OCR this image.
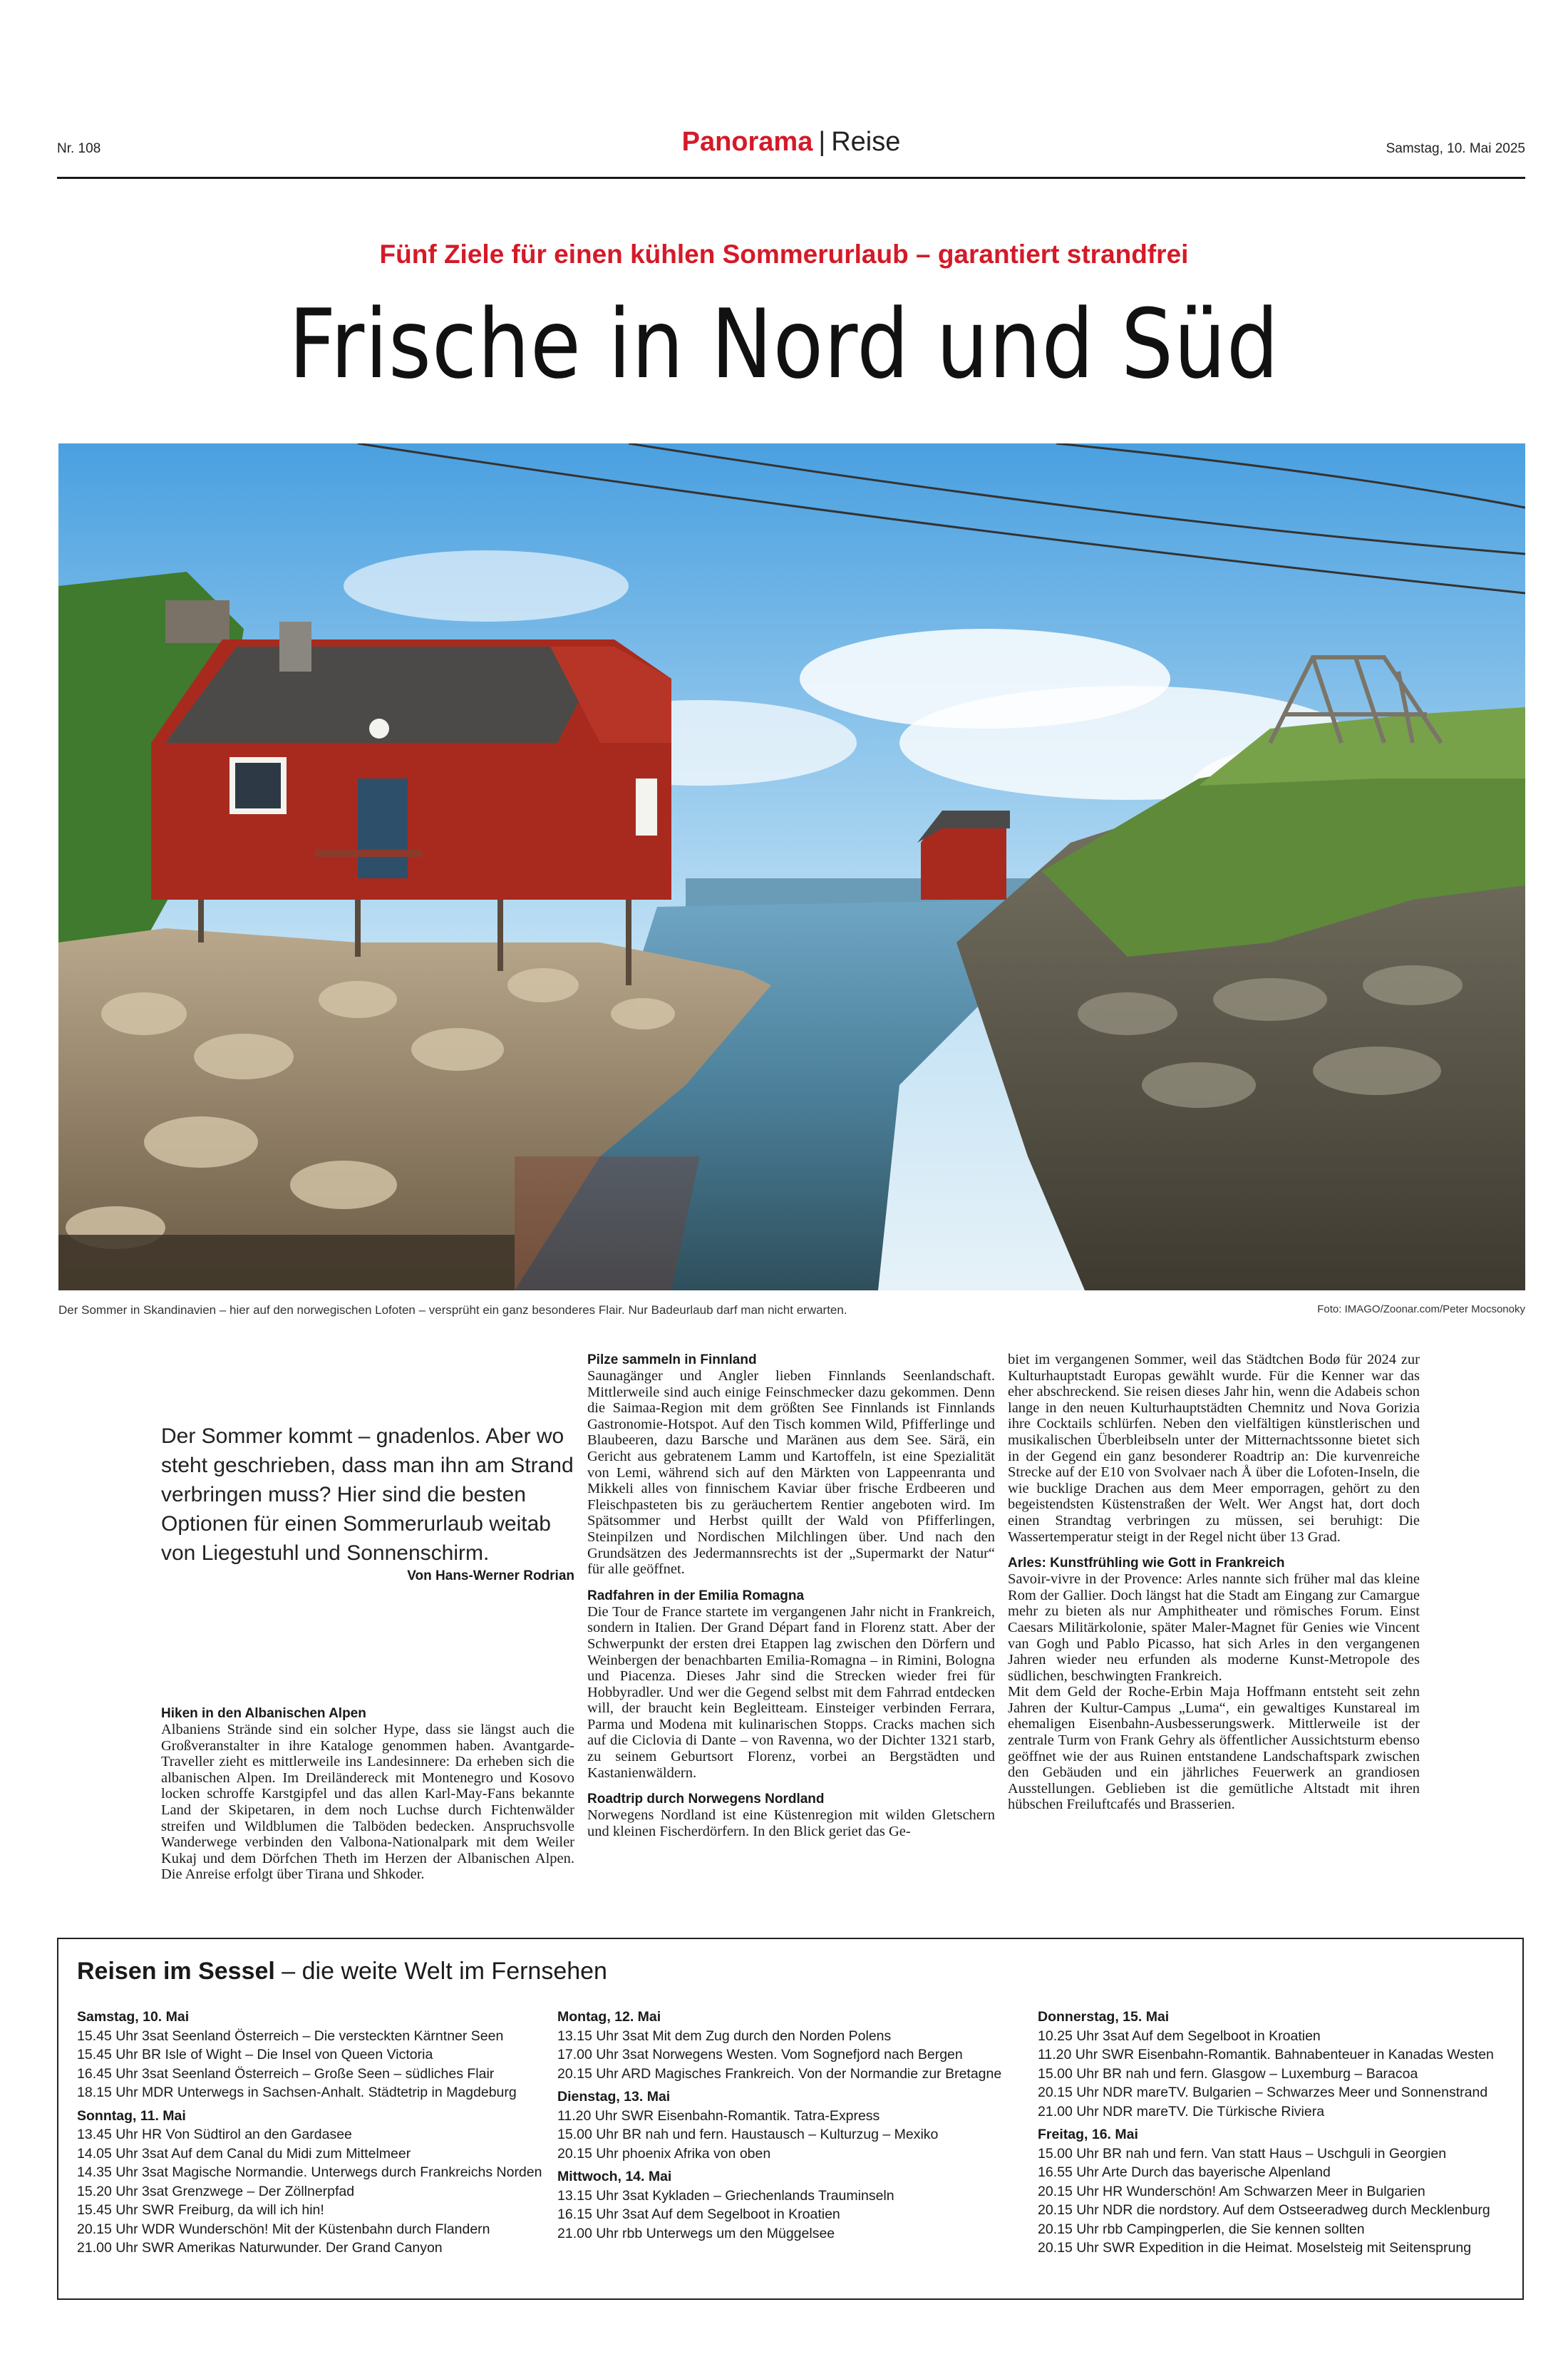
Nr. 108	Panorama | Reise	Samstag, 10. Mai 2025
Fünf Ziele für einen kühlen Sommerurlaub – garantiert strandfrei
Frische in Nord und Süd
Der Sommer in Skandinavien – hier auf den norwegischen Lofoten – versprüht ein ganz besonderes Flair. Nur Badeurlaub darf man nicht erwarten.	Foto: IMAGO/Zoonar.com/Peter Mocsonoky
Der Sommer kommt – gnadenlos. Aber wo steht geschrieben, dass man ihn am Strand verbringen muss? Hier sind die besten Optionen für einen Sommerurlaub weitab von Liegestuhl und Sonnenschirm.
Von Hans-Werner Rodrian
Hiken in den Albanischen Alpen

Albaniens Strände sind ein solcher Hype, dass sie längst auch die Großveranstalter in ihre Kataloge genommen haben. Avantgarde-Traveller zieht es mittlerweile ins Landesinnere: Da erheben sich die albanischen Alpen. Im Dreiländereck mit Montenegro und Kosovo locken schroffe Karstgipfel und das allen Karl-May-Fans bekannte Land der Skipetaren, in dem noch Luchse durch Fichtenwälder streifen und Wildblumen die Talböden bedecken. Anspruchsvolle Wanderwege verbinden den Valbona-Nationalpark mit dem Weiler Kukaj und dem Dörfchen Theth im Herzen der Albanischen Alpen. Die Anreise erfolgt über Tirana und Shkoder.

Pilze sammeln in Finnland

Saunagänger und Angler lieben Finnlands Seenlandschaft. Mittlerweile sind auch einige Feinschmecker dazu gekommen. Denn die Saimaa-Region mit dem größten See Finnlands ist Finnlands Gastronomie-Hotspot. Auf den Tisch kommen Wild, Pfifferlinge und Blaubeeren, dazu Barsche und Maränen aus dem See. Särä, ein Gericht aus gebratenem Lamm und Kartoffeln, ist eine Spezialität von Lemi, während sich auf den Märkten von Lappeenranta und Mikkeli alles von finnischem Kaviar über frische Erdbeeren und Fleischpasteten bis zu geräuchertem Rentier angeboten wird. Im Spätsommer und Herbst quillt der Wald von Pfifferlingen, Steinpilzen und Nordischen Milchlingen über. Und nach den Grundsätzen des Jedermannsrechts ist der „Supermarkt der Natur“ für alle geöffnet.

Radfahren in der Emilia Romagna

Die Tour de France startete im vergangenen Jahr nicht in Frankreich, sondern in Italien. Der Grand Départ fand in Florenz statt. Aber der Schwerpunkt der ersten drei Etappen lag zwischen den Dörfern und Weinbergen der benachbarten Emilia-Romagna – in Rimini, Bologna und Piacenza. Dieses Jahr sind die Strecken wieder frei für Hobbyradler. Und wer die Gegend selbst mit dem Fahrrad entdecken will, der braucht kein Begleitteam. Einsteiger verbinden Ferrara, Parma und Modena mit kulinarischen Stopps. Cracks machen sich auf die Ciclovia di Dante – von Ravenna, wo der Dichter 1321 starb, zu seinem Geburtsort Florenz, vorbei an Bergstädten und Kastanienwäldern.

Roadtrip durch Norwegens Nordland

Norwegens Nordland ist eine Küstenregion mit wilden Gletschern und kleinen Fischerdörfern. In den Blick geriet das Ge-

biet im vergangenen Sommer, weil das Städtchen Bodø für 2024 zur Kulturhauptstadt Europas gewählt wurde. Für die Kenner war das eher abschreckend. Sie reisen dieses Jahr hin, wenn die Adabeis schon lange in den neuen Kulturhauptstädten Chemnitz und Nova Gorizia ihre Cocktails schlürfen. Neben den vielfältigen künstlerischen und musikalischen Überbleibseln unter der Mitternachtssonne bietet sich in der Gegend ein ganz besonderer Roadtrip an: Die kurvenreiche Strecke auf der E10 von Svolvaer nach Å über die Lofoten-Inseln, die wie bucklige Drachen aus dem Meer emporragen, gehört zu den begeistendsten Küstenstraßen der Welt. Wer Angst hat, dort doch einen Strandtag verbringen zu müssen, sei beruhigt: Die Wassertemperatur steigt in der Regel nicht über 13 Grad.

Arles: Kunstfrühling wie Gott in Frankreich

Savoir-vivre in der Provence: Arles nannte sich früher mal das kleine Rom der Gallier. Doch längst hat die Stadt am Eingang zur Camargue mehr zu bieten als nur Amphitheater und römisches Forum. Einst Caesars Militärkolonie, später Maler-Magnet für Genies wie Vincent van Gogh und Pablo Picasso, hat sich Arles in den vergangenen Jahren wieder neu erfunden als moderne Kunst-Metropole des südlichen, beschwingten Frankreich.

Mit dem Geld der Roche-Erbin Maja Hoffmann entsteht seit zehn Jahren der Kultur-Campus „Luma“, ein gewaltiges Kunstareal im ehemaligen Eisenbahn-Ausbesserungswerk. Mittlerweile ist der zentrale Turm von Frank Gehry als öffentlicher Aussichtsturm ebenso geöffnet wie der aus Ruinen entstandene Landschaftspark zwischen den Gebäuden und ein jährliches Feuerwerk an grandiosen Ausstellungen. Geblieben ist die gemütliche Altstadt mit ihren hübschen Freiluftcafés und Brasserien.

Reisen im Sessel – die weite Welt im Fernsehen
Samstag, 10. Mai
15.45 Uhr 3sat Seenland Österreich – Die versteckten Kärntner Seen
15.45 Uhr BR Isle of Wight – Die Insel von Queen Victoria
16.45 Uhr 3sat Seenland Österreich – Große Seen – südliches Flair
18.15 Uhr MDR Unterwegs in Sachsen-Anhalt. Städtetrip in Magdeburg
Sonntag, 11. Mai
13.45 Uhr HR Von Südtirol an den Gardasee
14.05 Uhr 3sat Auf dem Canal du Midi zum Mittelmeer
14.35 Uhr 3sat Magische Normandie. Unterwegs durch Frankreichs Norden
15.20 Uhr 3sat Grenzwege – Der Zöllnerpfad
15.45 Uhr SWR Freiburg, da will ich hin!
20.15 Uhr WDR Wunderschön! Mit der Küstenbahn durch Flandern
21.00 Uhr SWR Amerikas Naturwunder. Der Grand Canyon
Montag, 12. Mai
13.15 Uhr 3sat Mit dem Zug durch den Norden Polens
17.00 Uhr 3sat Norwegens Westen. Vom Sognefjord nach Bergen
20.15 Uhr ARD Magisches Frankreich. Von der Normandie zur Bretagne
Dienstag, 13. Mai
11.20 Uhr SWR Eisenbahn-Romantik. Tatra-Express
15.00 Uhr BR nah und fern. Haustausch – Kulturzug – Mexiko
20.15 Uhr phoenix Afrika von oben
Mittwoch, 14. Mai
13.15 Uhr 3sat Kykladen – Griechenlands Trauminseln
16.15 Uhr 3sat Auf dem Segelboot in Kroatien
21.00 Uhr rbb Unterwegs um den Müggelsee
Donnerstag, 15. Mai
10.25 Uhr 3sat Auf dem Segelboot in Kroatien
11.20 Uhr SWR Eisenbahn-Romantik. Bahnabenteuer in Kanadas Westen
15.00 Uhr BR nah und fern. Glasgow – Luxemburg – Baracoa
20.15 Uhr NDR mareTV. Bulgarien – Schwarzes Meer und Sonnenstrand
21.00 Uhr NDR mareTV. Die Türkische Riviera
Freitag, 16. Mai
15.00 Uhr BR nah und fern. Van statt Haus – Uschguli in Georgien
16.55 Uhr Arte Durch das bayerische Alpenland
20.15 Uhr HR Wunderschön! Am Schwarzen Meer in Bulgarien
20.15 Uhr NDR die nordstory. Auf dem Ostseeradweg durch Mecklenburg
20.15 Uhr rbb Campingperlen, die Sie kennen sollten
20.15 Uhr SWR Expedition in die Heimat. Moselsteig mit Seitensprung
